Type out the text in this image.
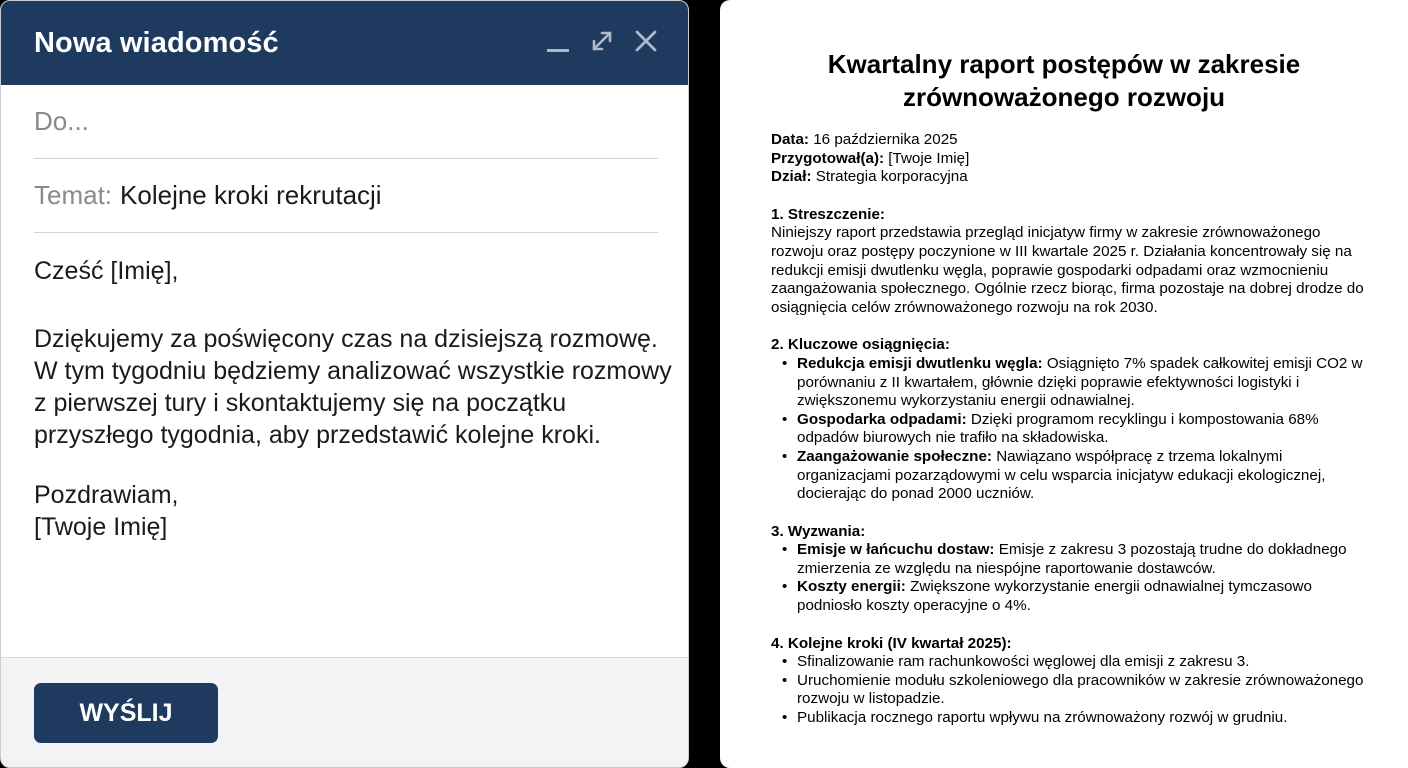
Nowa wiadomość
Do...
Temat: Kolejne kroki rekrutacji

Cześć [Imię],

Dziękujemy za poświęcony czas na dzisiejszą rozmowę. W tym tygodniu będziemy analizować wszystkie rozmowy z pierwszej tury i skontaktujemy się na początku przyszłego tygodnia, aby przedstawić kolejne kroki.

Pozdrawiam,
[Twoje Imię]
WYŚLIJ
Kwartalny raport postępów w zakresie
zrównoważonego rozwoju
Data: 16 października 2025
Przygotował(a): [Twoje Imię]
Dział: Strategia korporacyjna
1. Streszczenie:
Niniejszy raport przedstawia przegląd inicjatyw firmy w zakresie zrównoważonego rozwoju oraz postępy poczynione w III kwartale 2025 r. Działania koncentrowały się na redukcji emisji dwutlenku węgla, poprawie gospodarki odpadami oraz wzmocnieniu zaangażowania społecznego. Ogólnie rzecz biorąc, firma pozostaje na dobrej drodze do osiągnięcia celów zrównoważonego rozwoju na rok 2030.
2. Kluczowe osiągnięcia:
• Redukcja emisji dwutlenku węgla: Osiągnięto 7% spadek całkowitej emisji CO2 w porównaniu z II kwartałem, głównie dzięki poprawie efektywności logistyki i zwiększonemu wykorzystaniu energii odnawialnej.
• Gospodarka odpadami: Dzięki programom recyklingu i kompostowania 68% odpadów biurowych nie trafiło na składowiska.
• Zaangażowanie społeczne: Nawiązano współpracę z trzema lokalnymi organizacjami pozarządowymi w celu wsparcia inicjatyw edukacji ekologicznej, docierając do ponad 2000 uczniów.
3. Wyzwania:
• Emisje w łańcuchu dostaw: Emisje z zakresu 3 pozostają trudne do dokładnego zmierzenia ze względu na niespójne raportowanie dostawców.
• Koszty energii: Zwiększone wykorzystanie energii odnawialnej tymczasowo podniosło koszty operacyjne o 4%.
4. Kolejne kroki (IV kwartał 2025):
• Sfinalizowanie ram rachunkowości węglowej dla emisji z zakresu 3.
• Uruchomienie modułu szkoleniowego dla pracowników w zakresie zrównoważonego rozwoju w listopadzie.
• Publikacja rocznego raportu wpływu na zrównoważony rozwój w grudniu.
